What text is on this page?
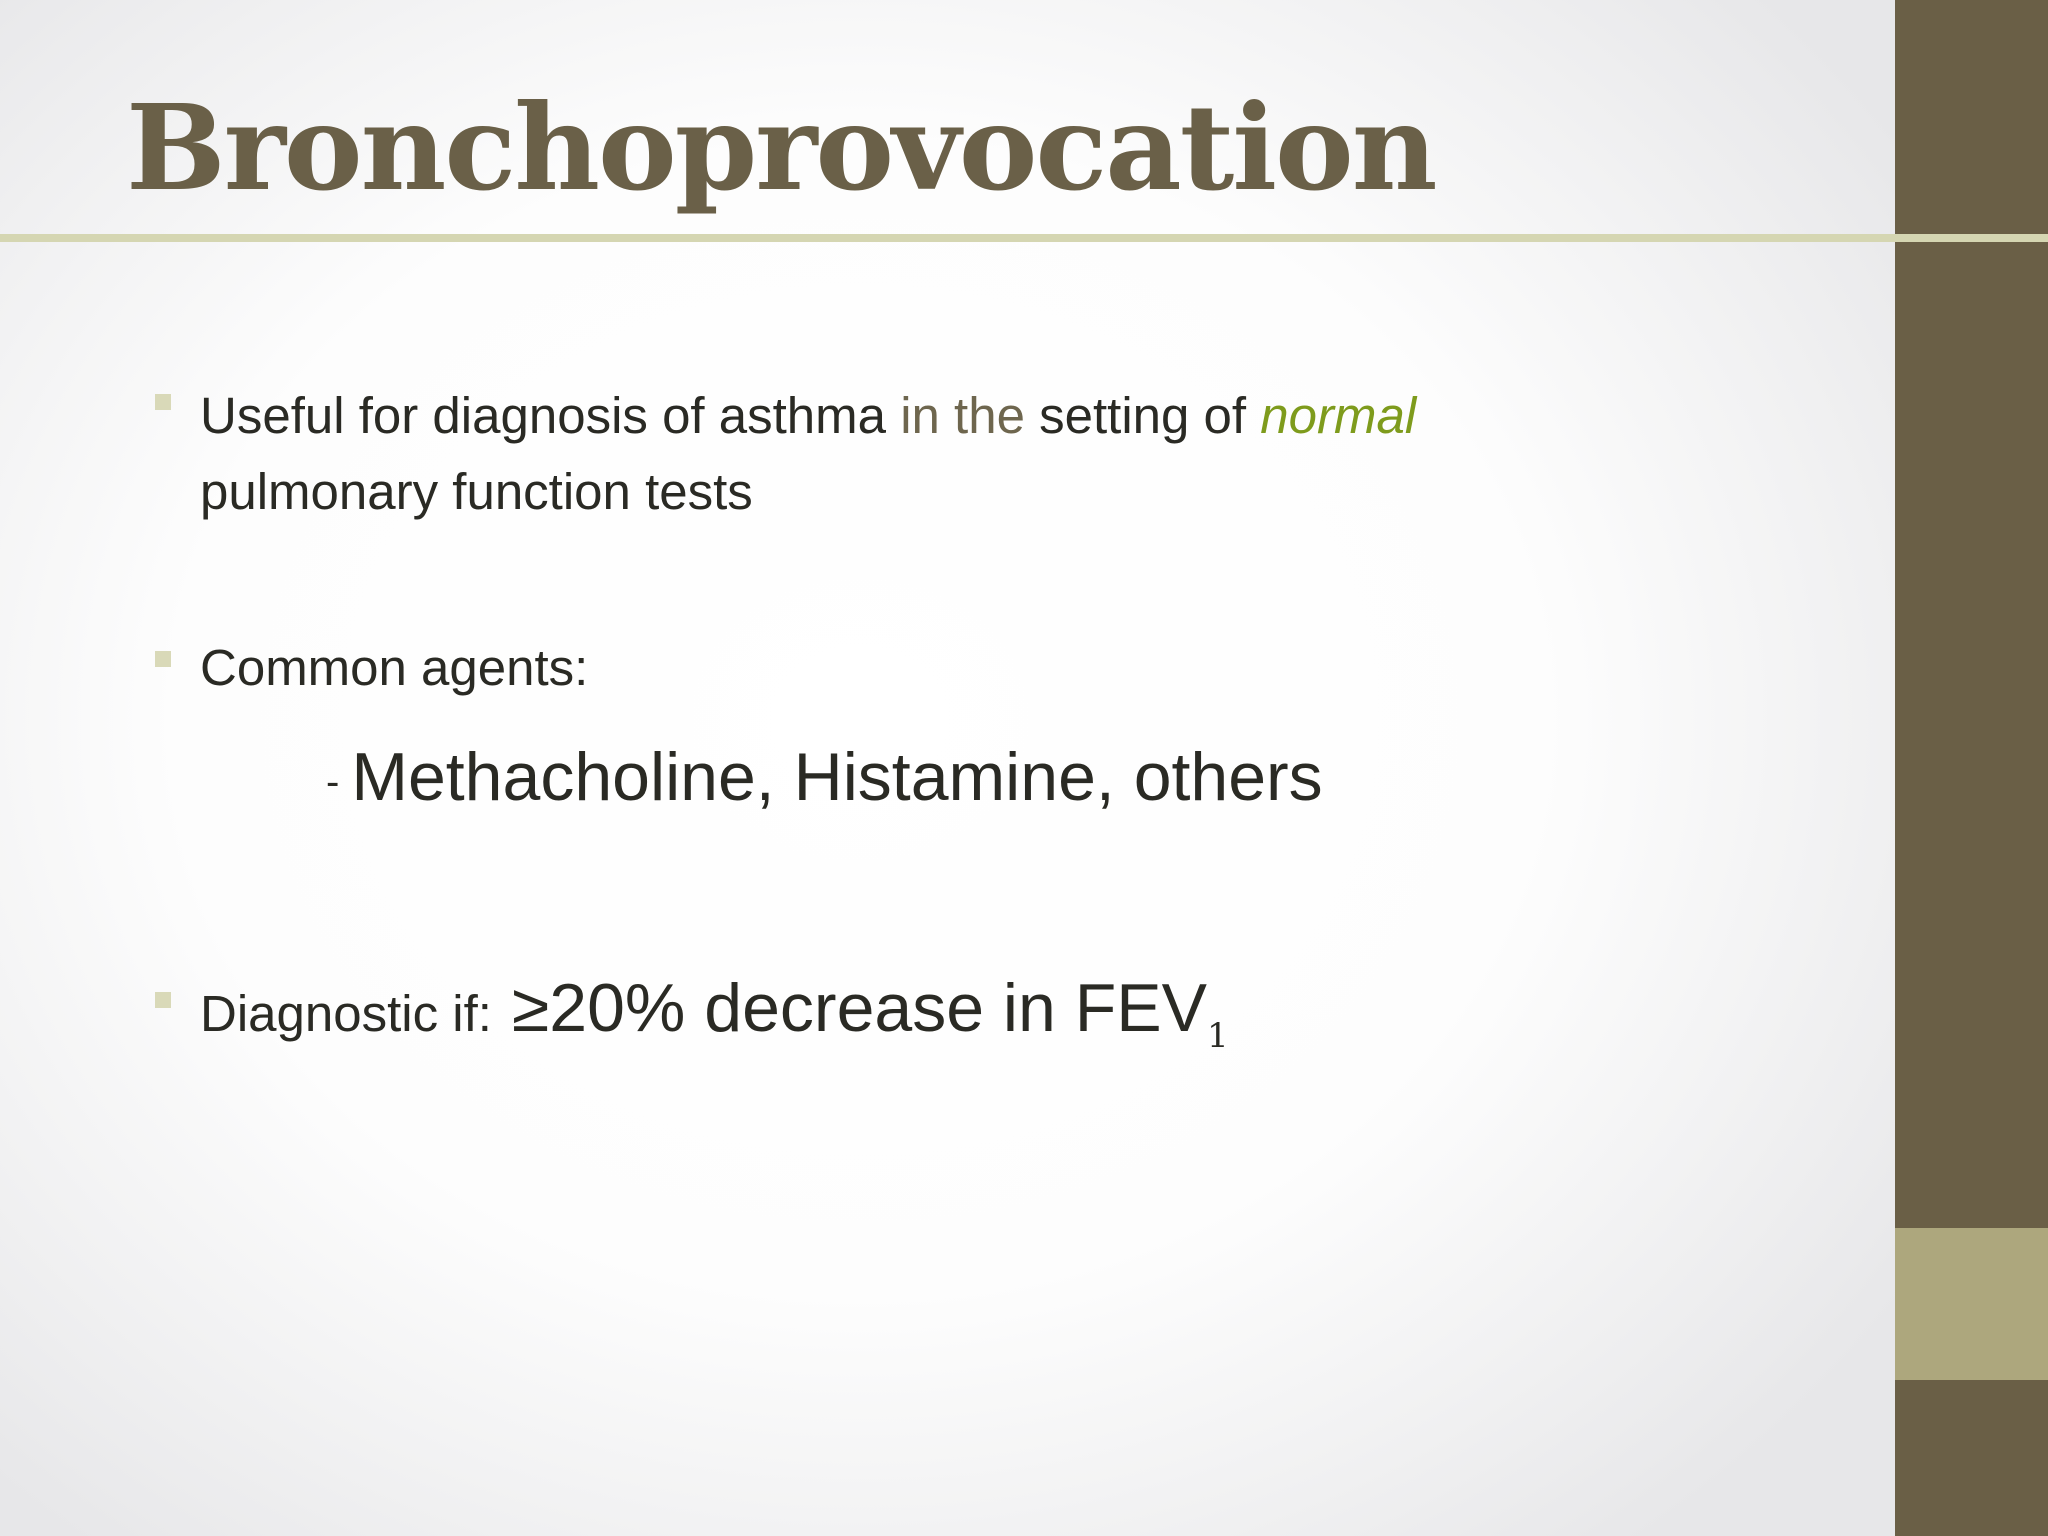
Bronchoprovocation
Useful for diagnosis of asthma in the setting of normal
pulmonary function tests
Common agents:
- Methacholine, Histamine, others
Diagnostic if: ≥20% decrease in $FEV_1$
